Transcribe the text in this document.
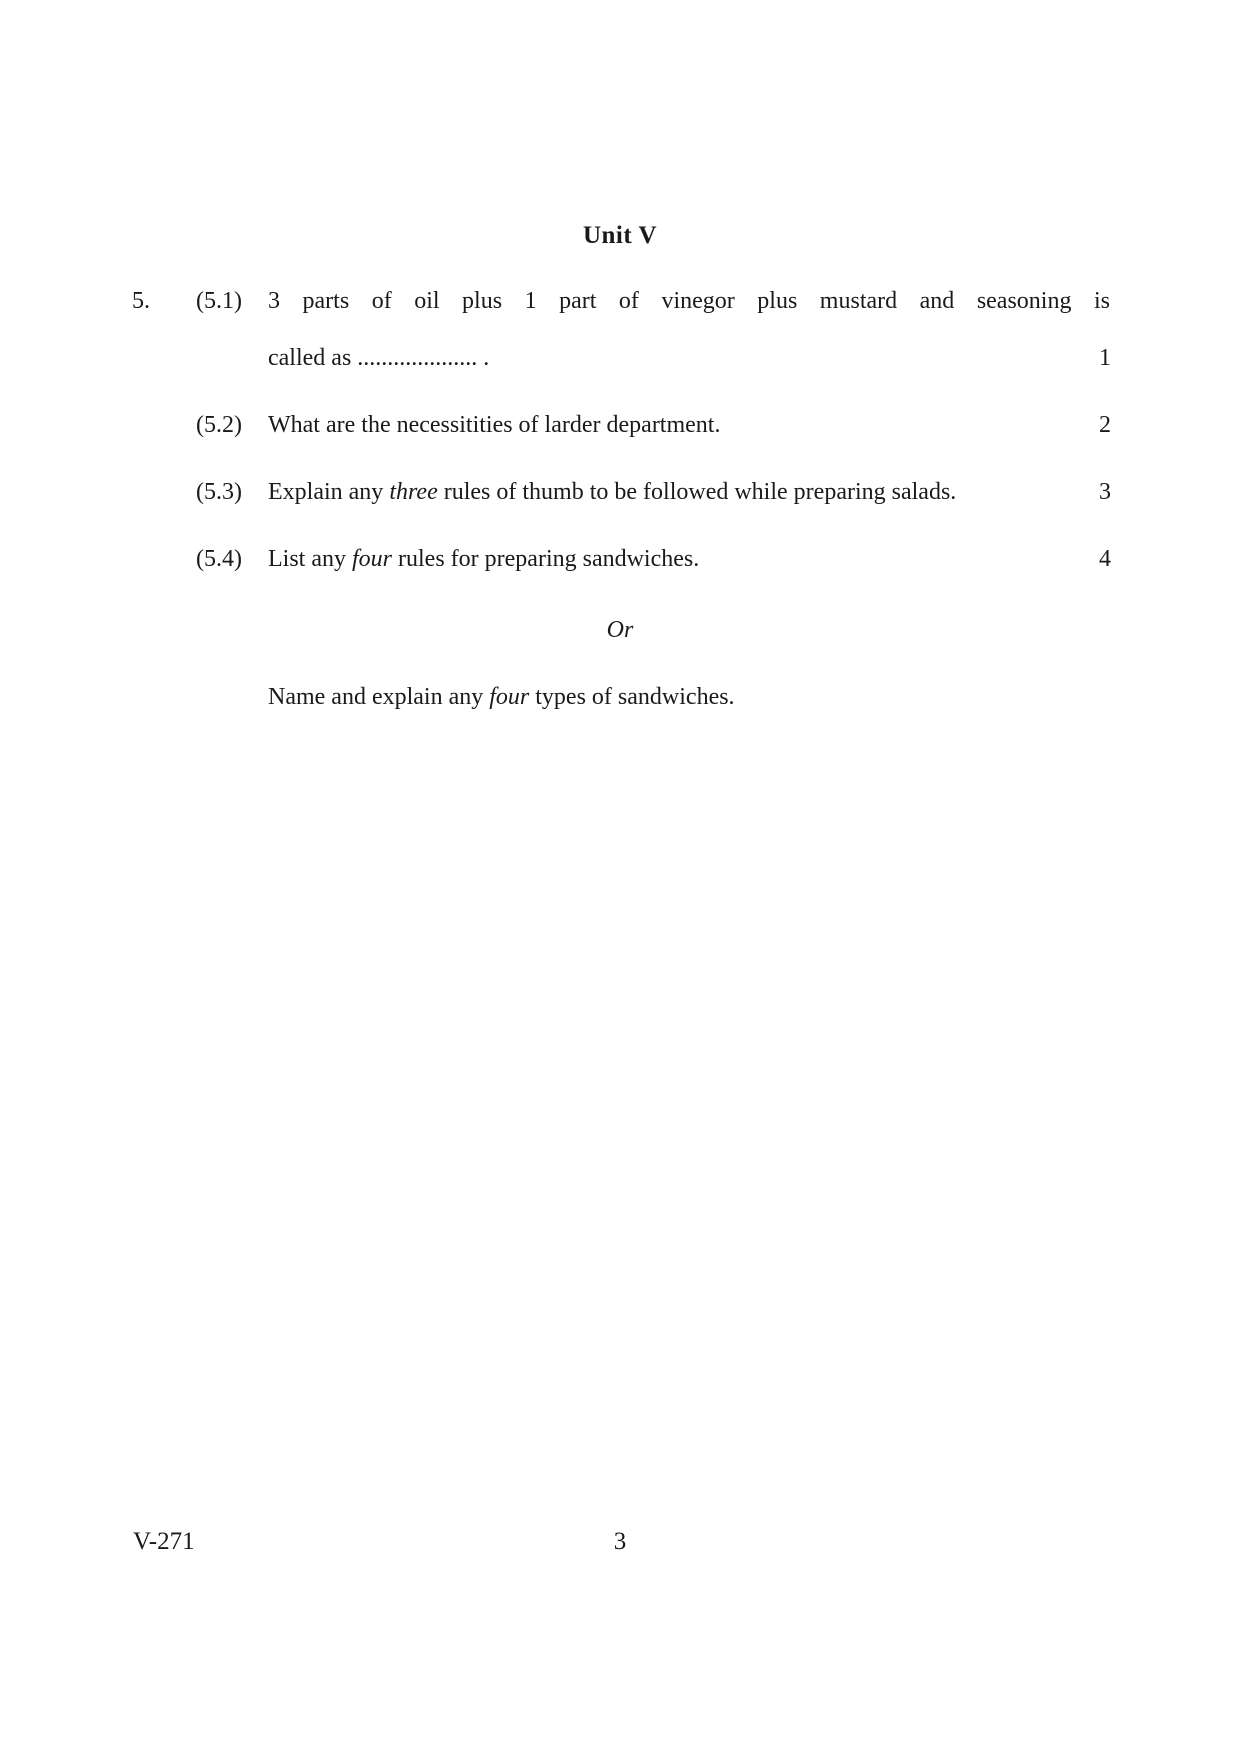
Unit V
5. (5.1) 3 parts of oil plus 1 part of vinegor plus mustard and seasoning is
called as .................... .	1
(5.2) What are the necessitities of larder department.	2
(5.3) Explain any three rules of thumb to be followed while preparing salads.	3
(5.4) List any four rules for preparing sandwiches.	4
Or
Name and explain any four types of sandwiches.
V-271	3
